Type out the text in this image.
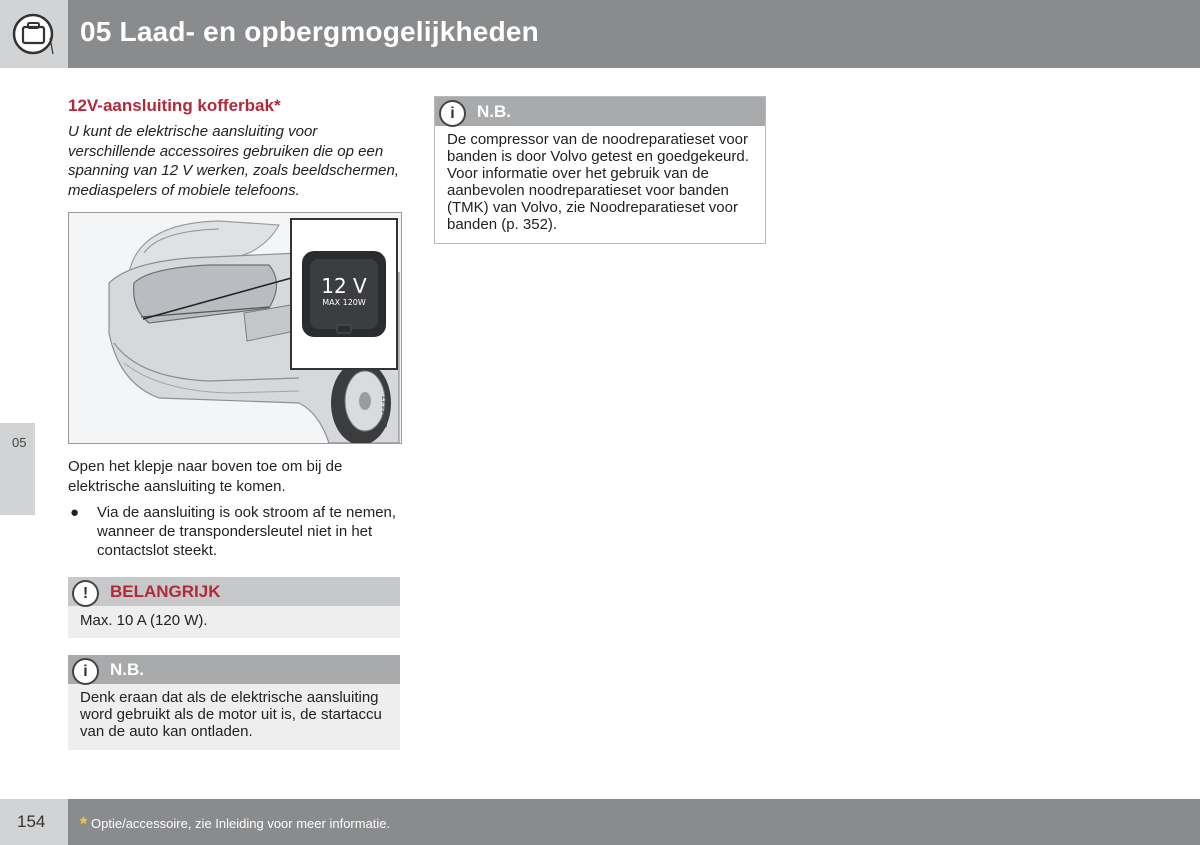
05 Laad- en opbergmogelijkheden
05
12V-aansluiting kofferbak*
U kunt de elektrische aansluiting voor verschillende accessoires gebruiken die op een spanning van 12 V werken, zoals beeldschermen, mediaspelers of mobiele telefoons.
12 V
MAX 120W
G045547
Open het klepje naar boven toe om bij de elektrische aansluiting te komen.
● Via de aansluiting is ook stroom af te nemen, wanneer de transpondersleutel niet in het contactslot steekt.
!	BELANGRIJK
Max. 10 A (120 W).
i	N.B.
Denk eraan dat als de elektrische aansluiting word gebruikt als de motor uit is, de startaccu van de auto kan ontladen.
i	N.B.
De compressor van de noodreparatieset voor banden is door Volvo getest en goedgekeurd. Voor informatie over het gebruik van de aanbevolen noodreparatieset voor banden (TMK) van Volvo, zie Noodreparatieset voor banden (p. 352).
154 * Optie/accessoire, zie Inleiding voor meer informatie.
